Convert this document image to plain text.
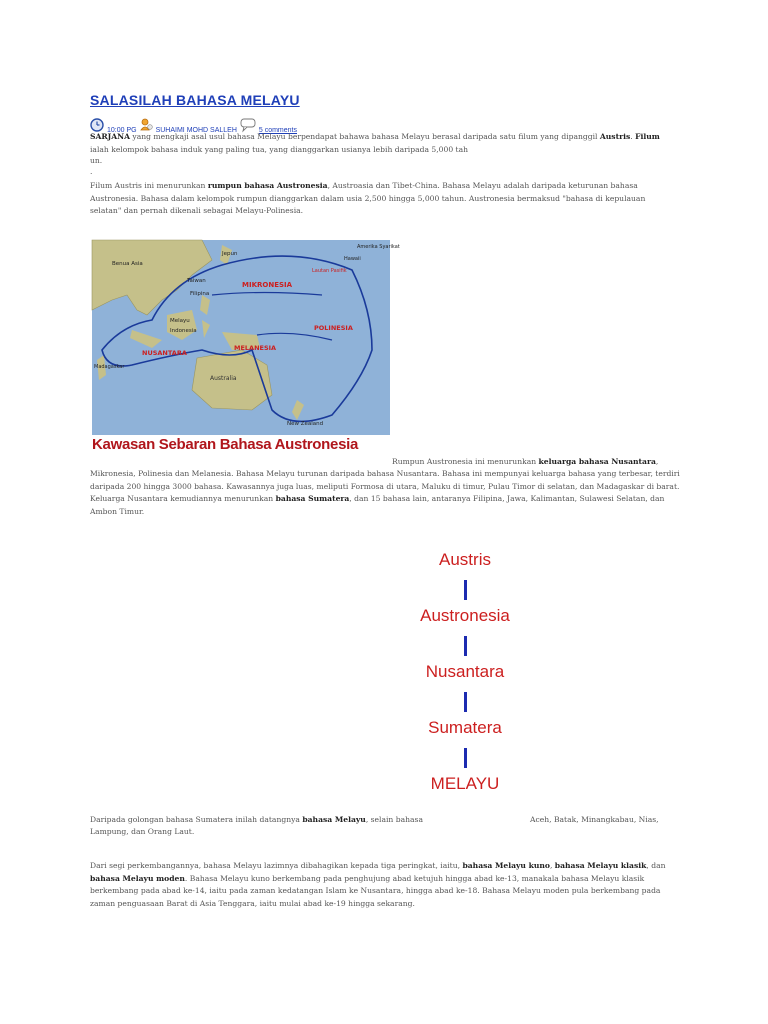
SALASILAH BAHASA MELAYU
10:00 PG	SUHAIMI MOHD SALLEH	5 comments
SARJANA yang mengkaji asal usul bahasa Melayu berpendapat bahawa bahasa Melayu berasal daripada satu filum yang dipanggil Austris. Filum ialah kelompok bahasa induk yang paling tua, yang dianggarkan usianya lebih daripada 5,000 tah
un.
.
Filum Austris ini menurunkan rumpun bahasa Austronesia, Austroasia dan Tibet-China. Bahasa Melayu adalah daripada keturunan bahasa Austronesia. Bahasa dalam kelompok rumpun dianggarkan dalam usia 2,500 hingga 5,000 tahun. Austronesia bermaksud "bahasa di kepulauan selatan" dan pernah dikenali sebagai Melayu-Polinesia.
MIKRONESIA
POLINESIA
MELANESIA
NUSANTARA
Australia
Filipina
Melayu
Indonesia
Benua Asia
Jepun
Taiwan
Madagaskar
Lautan Pasifik
New Zealand
Hawaii
Amerika Syarikat
Kawasan Sebaran Bahasa Austronesia
Rumpun Austronesia ini menurunkan keluarga bahasa Nusantara,
Mikronesia, Polinesia dan Melanesia. Bahasa Melayu turunan daripada bahasa Nusantara. Bahasa ini mempunyai keluarga bahasa yang terbesar, terdiri daripada 200 hingga 3000 bahasa. Kawasannya juga luas, meliputi Formosa di utara, Maluku di timur, Pulau Timor di selatan, dan Madagaskar di barat.
Keluarga Nusantara kemudiannya menurunkan bahasa Sumatera, dan 15 bahasa lain, antaranya Filipina, Jawa, Kalimantan, Sulawesi Selatan, dan Ambon Timur.
Austris
Austronesia
Nusantara
Sumatera
MELAYU
Daripada golongan bahasa Sumatera inilah datangnya bahasa Melayu, selain bahasa	Aceh, Batak, Minangkabau, Nias,
Lampung, dan Orang Laut.
Dari segi perkembangannya, bahasa Melayu lazimnya dibahagikan kepada tiga peringkat, iaitu, bahasa Melayu kuno, bahasa Melayu klasik, dan bahasa Melayu moden. Bahasa Melayu kuno berkembang pada penghujung abad ketujuh hingga abad ke-13, manakala bahasa Melayu klasik berkembang pada abad ke-14, iaitu pada zaman kedatangan Islam ke Nusantara, hingga abad ke-18. Bahasa Melayu moden pula berkembang pada zaman penguasaan Barat di Asia Tenggara, iaitu mulai abad ke-19 hingga sekarang.
